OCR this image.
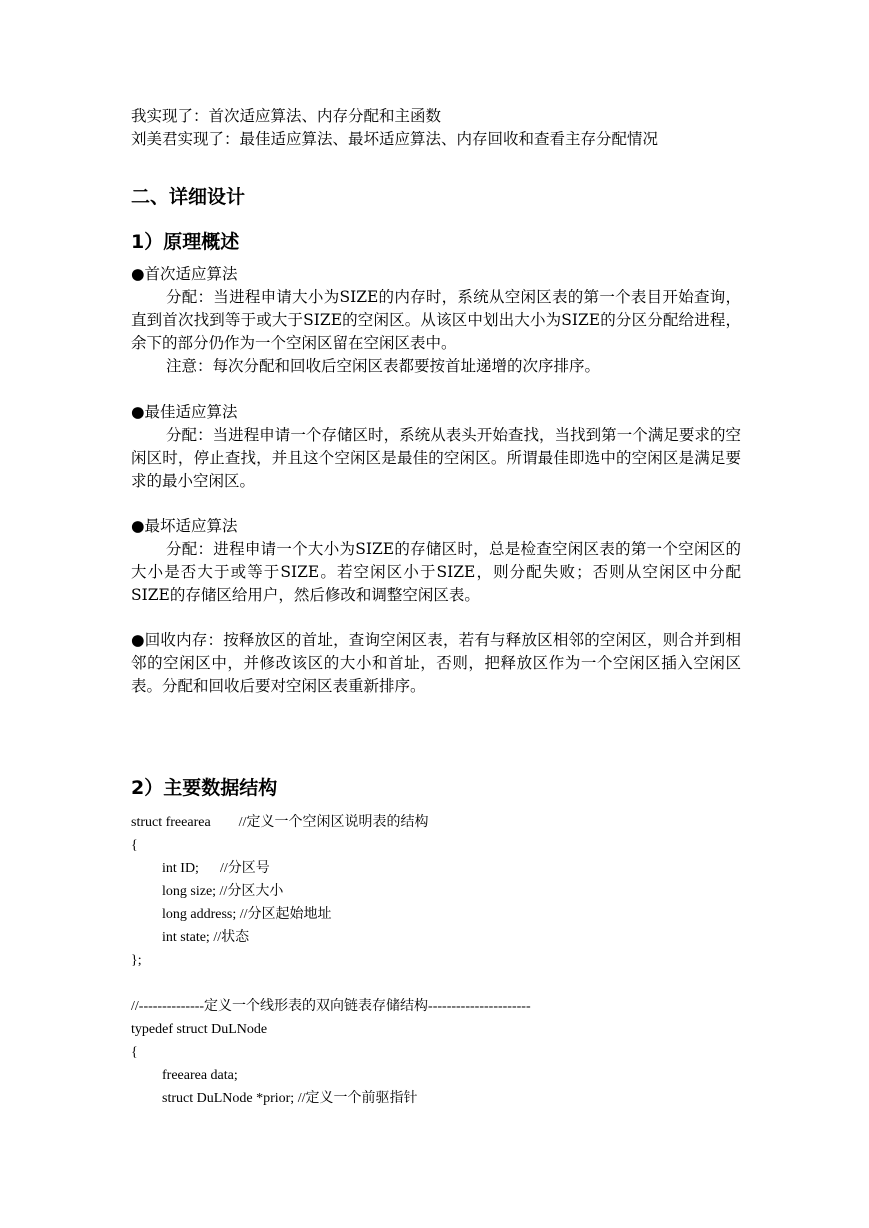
我实现了：首次适应算法、内存分配和主函数
刘美君实现了：最佳适应算法、最坏适应算法、内存回收和查看主存分配情况
二、详细设计
1）原理概述
●首次适应算法

分配：当进程申请大小为SIZE的内存时，系统从空闲区表的第一个表目开始查询，直到首次找到等于或大于SIZE的空闲区。从该区中划出大小为SIZE的分区分配给进程，余下的部分仍作为一个空闲区留在空闲区表中。

注意：每次分配和回收后空闲区表都要按首址递增的次序排序。

●最佳适应算法

分配：当进程申请一个存储区时，系统从表头开始查找，当找到第一个满足要求的空闲区时，停止查找，并且这个空闲区是最佳的空闲区。所谓最佳即选中的空闲区是满足要求的最小空闲区。

●最坏适应算法

分配：进程申请一个大小为SIZE的存储区时，总是检查空闲区表的第一个空闲区的大小是否大于或等于SIZE。若空闲区小于SIZE，则分配失败；否则从空闲区中分配SIZE的存储区给用户，然后修改和调整空闲区表。

●回收内存：按释放区的首址，查询空闲区表，若有与释放区相邻的空闲区，则合并到相邻的空闲区中，并修改该区的大小和首址，否则，把释放区作为一个空闲区插入空闲区表。分配和回收后要对空闲区表重新排序。

2）主要数据结构
struct freearea        //定义一个空闲区说明表的结构
{
int ID;      //分区号
long size; //分区大小
long address; //分区起始地址
int state; //状态
};
//--------------定义一个线形表的双向链表存储结构----------------------
typedef struct DuLNode
{
freearea data;
struct DuLNode *prior; //定义一个前驱指针
